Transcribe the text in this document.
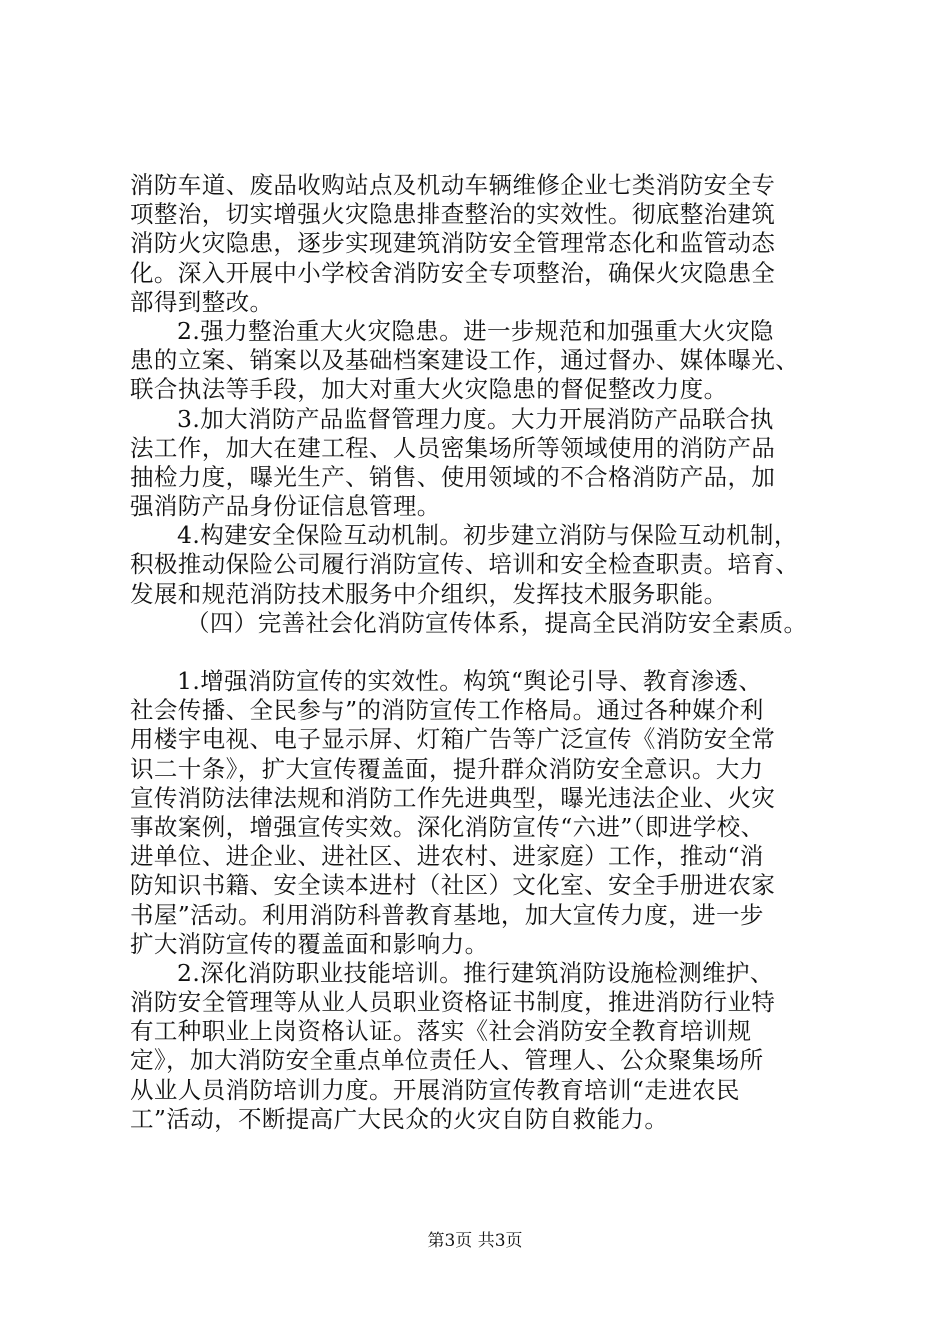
消防车道、废品收购站点及机动车辆维修企业七类消防安全专
项整治，切实增强火灾隐患排查整治的实效性。彻底整治建筑
消防火灾隐患，逐步实现建筑消防安全管理常态化和监管动态
化。深入开展中小学校舍消防安全专项整治，确保火灾隐患全
部得到整改。
2.强力整治重大火灾隐患。进一步规范和加强重大火灾隐
患的立案、销案以及基础档案建设工作，通过督办、媒体曝光、
联合执法等手段，加大对重大火灾隐患的督促整改力度。
3.加大消防产品监督管理力度。大力开展消防产品联合执
法工作，加大在建工程、人员密集场所等领域使用的消防产品
抽检力度，曝光生产、销售、使用领域的不合格消防产品，加
强消防产品身份证信息管理。
4.构建安全保险互动机制。初步建立消防与保险互动机制，
积极推动保险公司履行消防宣传、培训和安全检查职责。培育、
发展和规范消防技术服务中介组织，发挥技术服务职能。
（四）完善社会化消防宣传体系，提高全民消防安全素质。
1.增强消防宣传的实效性。构筑“舆论引导、教育渗透、
社会传播、全民参与”的消防宣传工作格局。通过各种媒介利
用楼宇电视、电子显示屏、灯箱广告等广泛宣传《消防安全常
识二十条》，扩大宣传覆盖面，提升群众消防安全意识。大力
宣传消防法律法规和消防工作先进典型，曝光违法企业、火灾
事故案例，增强宣传实效。深化消防宣传“六进”（即进学校、
进单位、进企业、进社区、进农村、进家庭）工作，推动“消
防知识书籍、安全读本进村（社区）文化室、安全手册进农家
书屋”活动。利用消防科普教育基地，加大宣传力度，进一步
扩大消防宣传的覆盖面和影响力。
2.深化消防职业技能培训。推行建筑消防设施检测维护、
消防安全管理等从业人员职业资格证书制度，推进消防行业特
有工种职业上岗资格认证。落实《社会消防安全教育培训规
定》，加大消防安全重点单位责任人、管理人、公众聚集场所
从业人员消防培训力度。开展消防宣传教育培训“走进农民
工”活动，不断提高广大民众的火灾自防自救能力。
第3页 共3页
